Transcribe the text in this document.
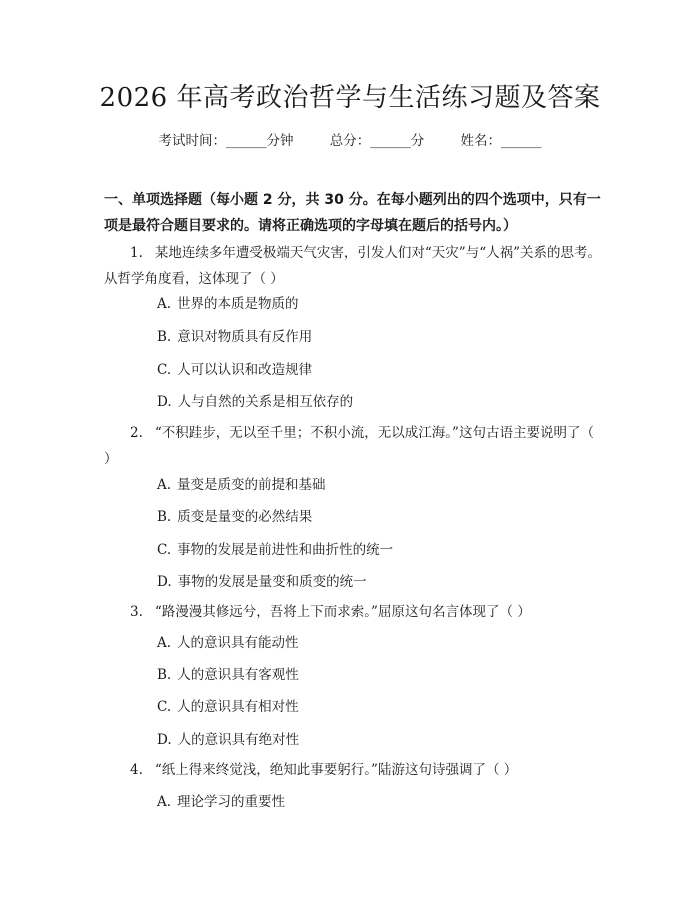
2026 年高考政治哲学与生活练习题及答案
考试时间：______分钟	总分：______分	姓名：______
一、单项选择题（每小题 2 分，共 30 分。在每小题列出的四个选项中，只有一项是最符合题目要求的。请将正确选项的字母填在题后的括号内。）

1. 某地连续多年遭受极端天气灾害，引发人们对“天灾”与“人祸”关系的思考。从哲学角度看，这体现了（ ）

A. 世界的本质是物质的
B. 意识对物质具有反作用
C. 人可以认识和改造规律
D. 人与自然的关系是相互依存的

2. “不积跬步，无以至千里；不积小流，无以成江海。”这句古语主要说明了（ ）

A. 量变是质变的前提和基础
B. 质变是量变的必然结果
C. 事物的发展是前进性和曲折性的统一
D. 事物的发展是量变和质变的统一

3. “路漫漫其修远兮，吾将上下而求索。”屈原这句名言体现了（ ）

A. 人的意识具有能动性
B. 人的意识具有客观性
C. 人的意识具有相对性
D. 人的意识具有绝对性

4. “纸上得来终觉浅，绝知此事要躬行。”陆游这句诗强调了（ ）

A. 理论学习的重要性
